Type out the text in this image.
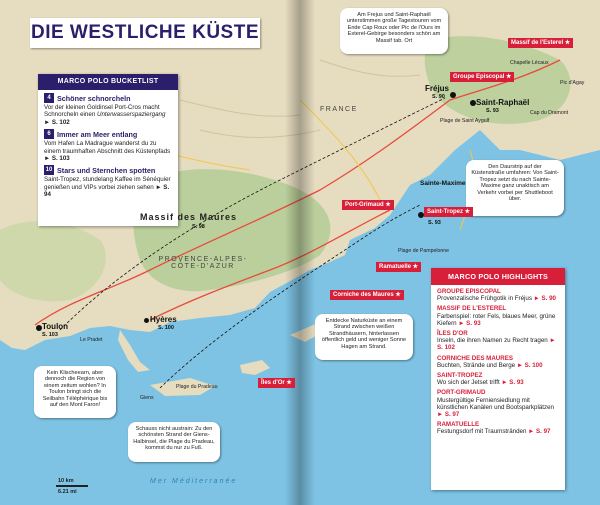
DIE WESTLICHE KÜSTE
MARCO POLO BUCKETLIST
4 Schöner schnorcheln
Vor der kleinen Goldinsel Port-Cros macht Schnorcheln einen Unterwasserspaziergang ► S. 102
6 Immer am Meer entlang
Vom Hafen La Madrague wanderst du zu einem traumhaften Abschnitt des Küstenpfads ► S. 103
10 Stars und Sternchen spotten
Saint-Tropez, stundelang Kaffee im Sénéquier genießen und VIPs vorbei ziehen sehen ► S. 94
Am Frejus und Saint-Raphaël unterstimmen große Tagestouren vom Ende Cap Roux oder Pic de l'Ours im Esterel-Gebirge besonders schön am Massif tab. Ort
Den Daurstrip auf der Küstenstraße umfahren: Von Saint-Tropez setzt du nach Sainte-Maxime ganz unaktisch am Verkehr vorbei per Shuttleboot über.
Entdecke Naturküste an einem Strand zwischen weißen Strandhäusern, hinterlassen öffentlich geld und weniger Sonne Hagen am Strand.
Kein Klischeearn, aber dennoch die Region von einem zeitum wohlen? In Toulon bringt sich die Seilbahn Téléphérique bis auf den Mont Faron!
Schauss nicht austrain: Zu den schönsten Strand der Giens-Halbinsel, die Plage du Pradeau, kommst du nur zu Fuß.
Massif de l'Esterel ★
Groupe Episcopal ★
Saint-Tropez ★
Port-Grimaud ★
Ramatuelle ★
Corniche des Maures ★
Îles d'Or ★
Fréjus
S. 90
Saint-Raphaël
S. 93
S. 93
Toulon
S. 103
Hyères
S. 100
Massif des Maures
S. 98
Sainte-Maxime
PROVENCE-ALPES-CÔTE-D'AZUR
FRANCE
Plage du Pradeau
Plage de Pampelonne
Plage de Saint Aygulf
Chapelle Lécaux
Pic d'Agay
Cap du Dramont
Giens
Le Pradet
Mer Méditerranée
10 km
6.21 mi
MARCO POLO HIGHLIGHTS
GROUPE EPISCOPAL
Provenzalische Frühgotik in Fréjus ► S. 90
MASSIF DE L'ESTEREL
Farbenspiel: roter Fels, blaues Meer, grüne Kiefern ► S. 93
ÎLES D'OR
Inseln, die ihren Namen zu Recht tragen ► S. 102
CORNICHE DES MAURES
Buchten, Strände und Berge ► S. 100
SAINT-TROPEZ
Wo sich der Jetset trifft ► S. 93
PORT-GRIMAUD
Mustergültige Ferniensiedlung mit künstlichen Kanälen und Bootsparkplätzen ► S. 97
RAMATUELLE
Festungsdorf mit Traumstränden ► S. 97
